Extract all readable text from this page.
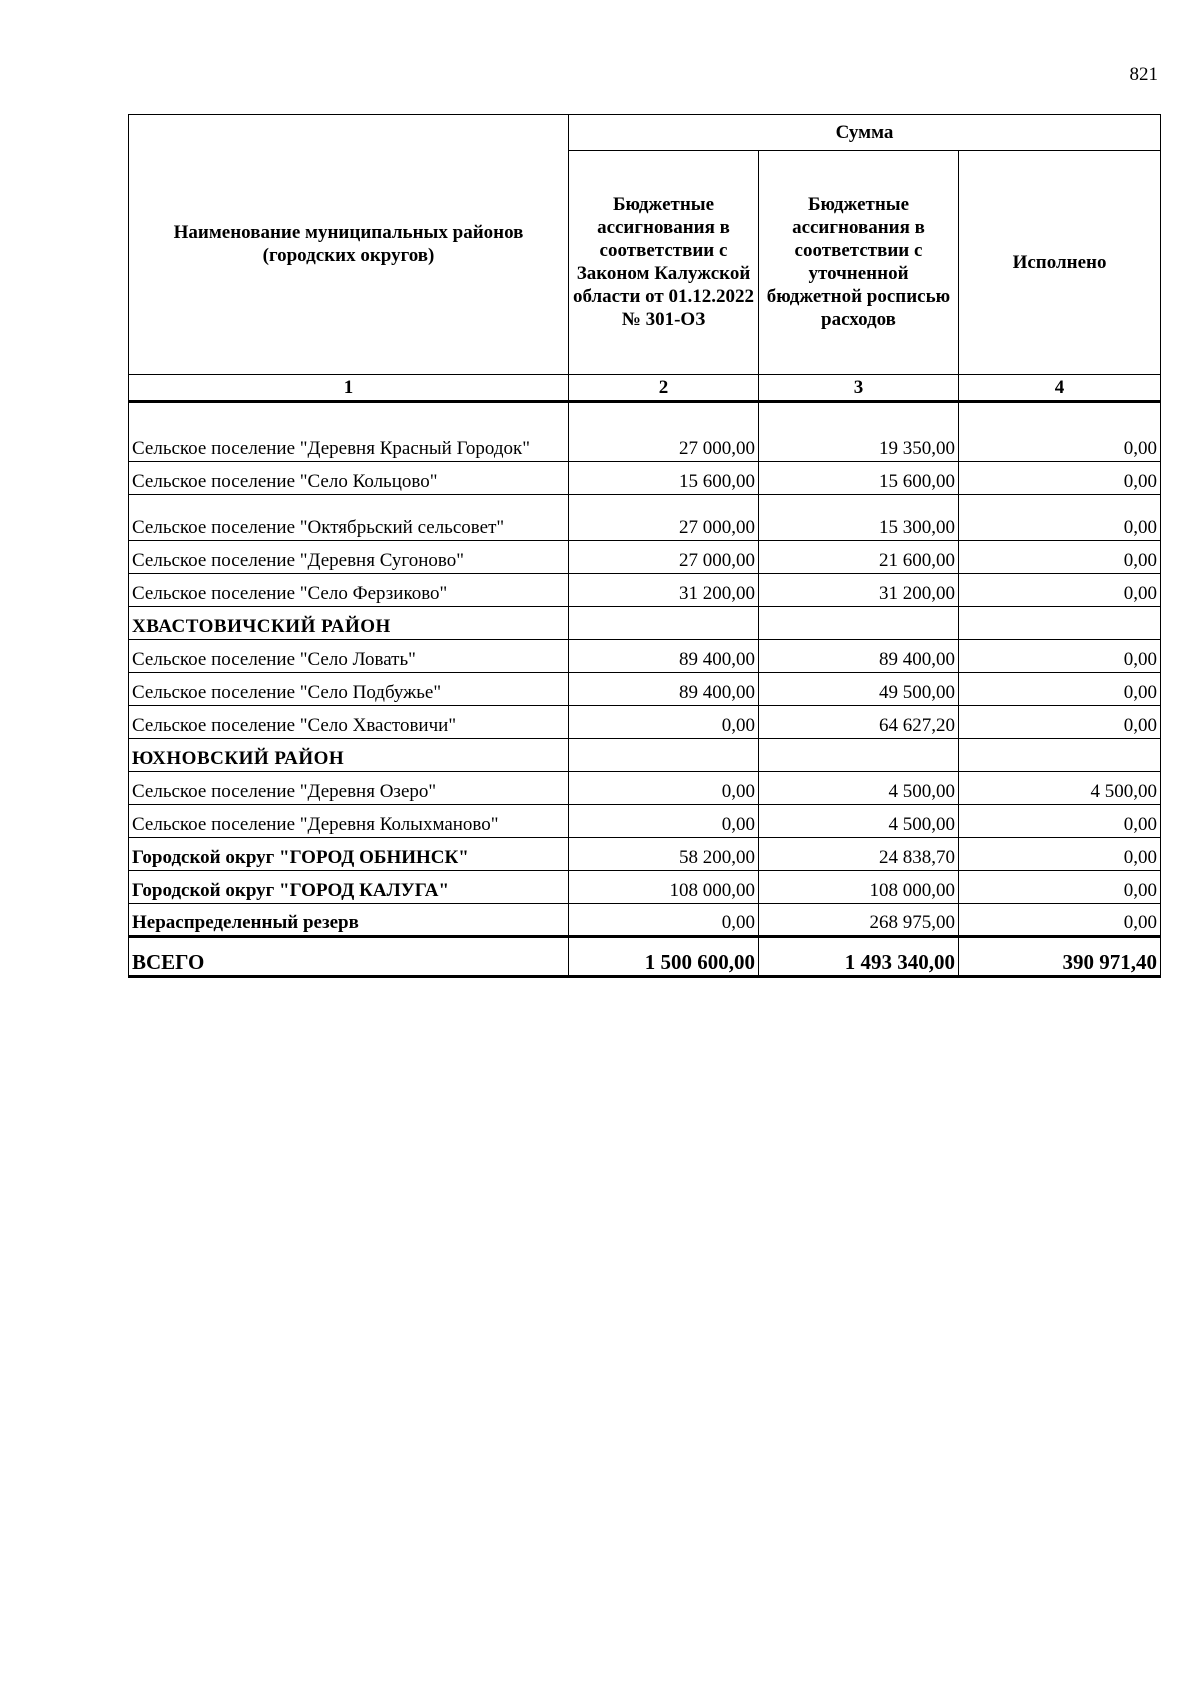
821
Наименование муниципальных районов (городских округов)	Сумма		
	Бюджетные ассигнования в соответствии с Законом Калужской области от 01.12.2022 № 301-ОЗ	Бюджетные ассигнования в соответствии с уточненной бюджетной росписью расходов	Исполнено
1	2	3	4
Сельское поселение "Деревня Красный Городок"	27 000,00	19 350,00	0,00
Сельское поселение "Село Кольцово"	15 600,00	15 600,00	0,00
Сельское поселение "Октябрьский сельсовет"	27 000,00	15 300,00	0,00
Сельское поселение "Деревня Сугоново"	27 000,00	21 600,00	0,00
Сельское поселение "Село Ферзиково"	31 200,00	31 200,00	0,00
ХВАСТОВИЧСКИЙ РАЙОН			
Сельское поселение "Село Ловать"	89 400,00	89 400,00	0,00
Сельское поселение "Село Подбужье"	89 400,00	49 500,00	0,00
Сельское поселение "Село Хвастовичи"	0,00	64 627,20	0,00
ЮХНОВСКИЙ РАЙОН			
Сельское поселение "Деревня Озеро"	0,00	4 500,00	4 500,00
Сельское поселение "Деревня Колыхманово"	0,00	4 500,00	0,00
Городской округ "ГОРОД ОБНИНСК"	58 200,00	24 838,70	0,00
Городской округ "ГОРОД КАЛУГА"	108 000,00	108 000,00	0,00
Нераспределенный резерв	0,00	268 975,00	0,00
ВСЕГО	1 500 600,00	1 493 340,00	390 971,40
